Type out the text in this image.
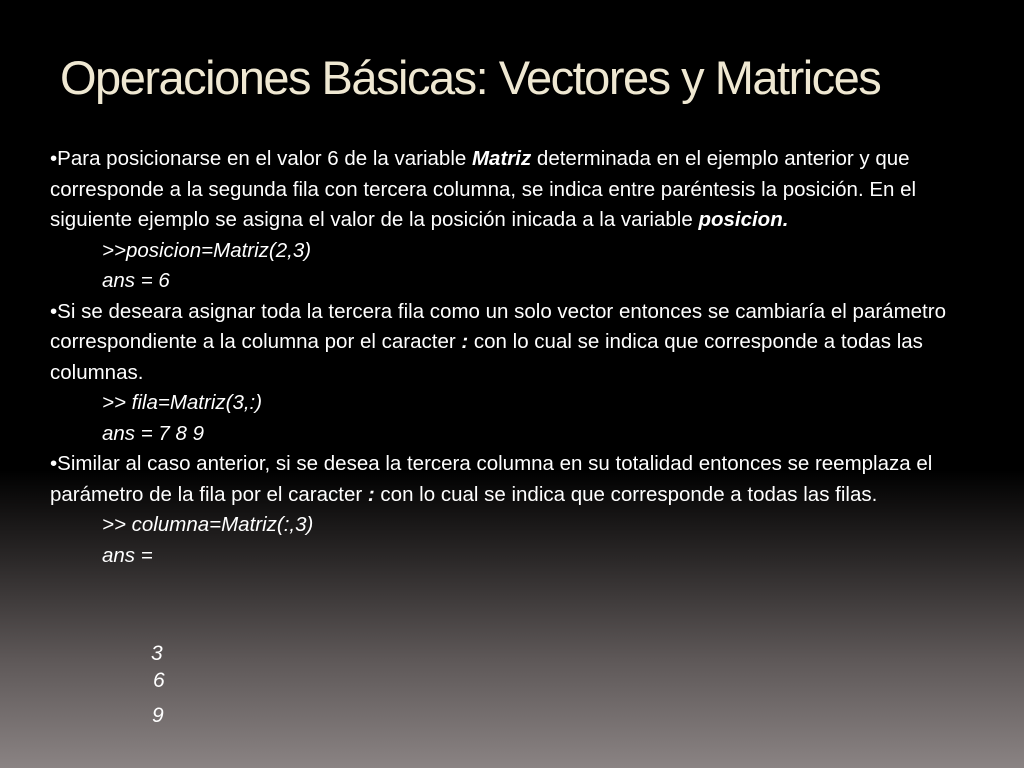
Operaciones Básicas: Vectores y Matrices

•Para posicionarse en el valor 6 de la variable Matriz determinada en el ejemplo anterior y que corresponde a la segunda fila con tercera columna, se indica entre paréntesis la posición. En el siguiente ejemplo se asigna el valor de la posición inicada a la variable posicion.

>>posicion=Matriz(2,3)

ans = 6

•Si se deseara asignar toda la tercera fila como un solo vector entonces se cambiaría el parámetro correspondiente a la columna por el caracter : con lo cual se indica que corresponde a todas las columnas.

>> fila=Matriz(3,:)

ans = 7 8 9

•Similar al caso anterior, si se desea la tercera columna en su totalidad entonces se reemplaza el parámetro de la fila por el caracter : con lo cual se indica que corresponde a todas las filas.

>> columna=Matriz(:,3)

ans =

3
6
9
